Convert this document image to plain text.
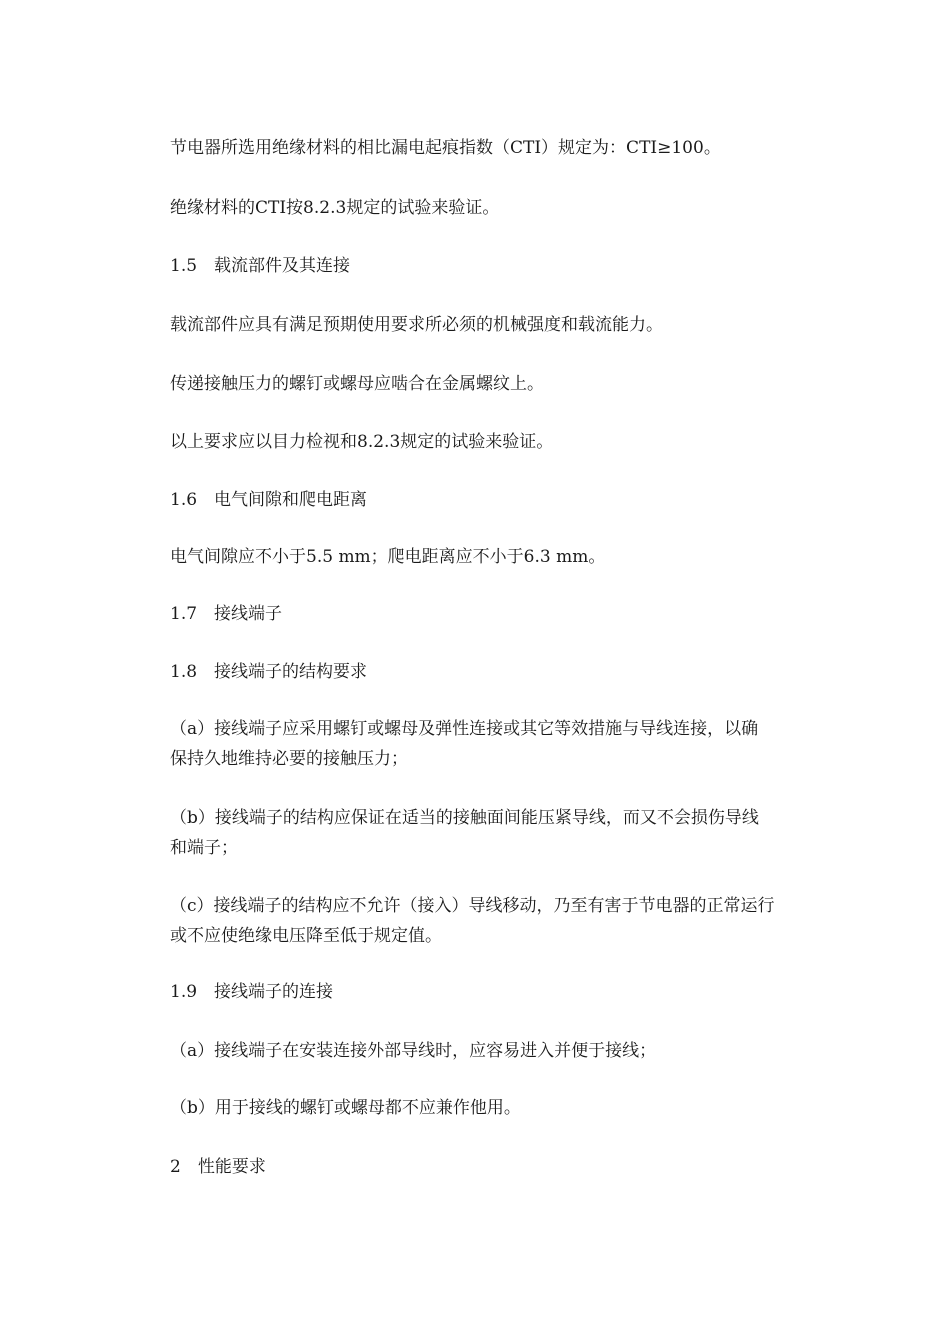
节电器所选用绝缘材料的相比漏电起痕指数（CTI）规定为：CTI≥100。

绝缘材料的CTI按8.2.3规定的试验来验证。

1.5　载流部件及其连接

载流部件应具有满足预期使用要求所必须的机械强度和载流能力。

传递接触压力的螺钉或螺母应啮合在金属螺纹上。

以上要求应以目力检视和8.2.3规定的试验来验证。

1.6　电气间隙和爬电距离

电气间隙应不小于5.5 mm；爬电距离应不小于6.3 mm。

1.7　接线端子

1.8　接线端子的结构要求

（a）接线端子应采用螺钉或螺母及弹性连接或其它等效措施与导线连接，以确

保持久地维持必要的接触压力；

（b）接线端子的结构应保证在适当的接触面间能压紧导线，而又不会损伤导线

和端子；

（c）接线端子的结构应不允许（接入）导线移动，乃至有害于节电器的正常运行

或不应使绝缘电压降至低于规定值。

1.9　接线端子的连接

（a）接线端子在安装连接外部导线时，应容易进入并便于接线；

（b）用于接线的螺钉或螺母都不应兼作他用。

2　性能要求
